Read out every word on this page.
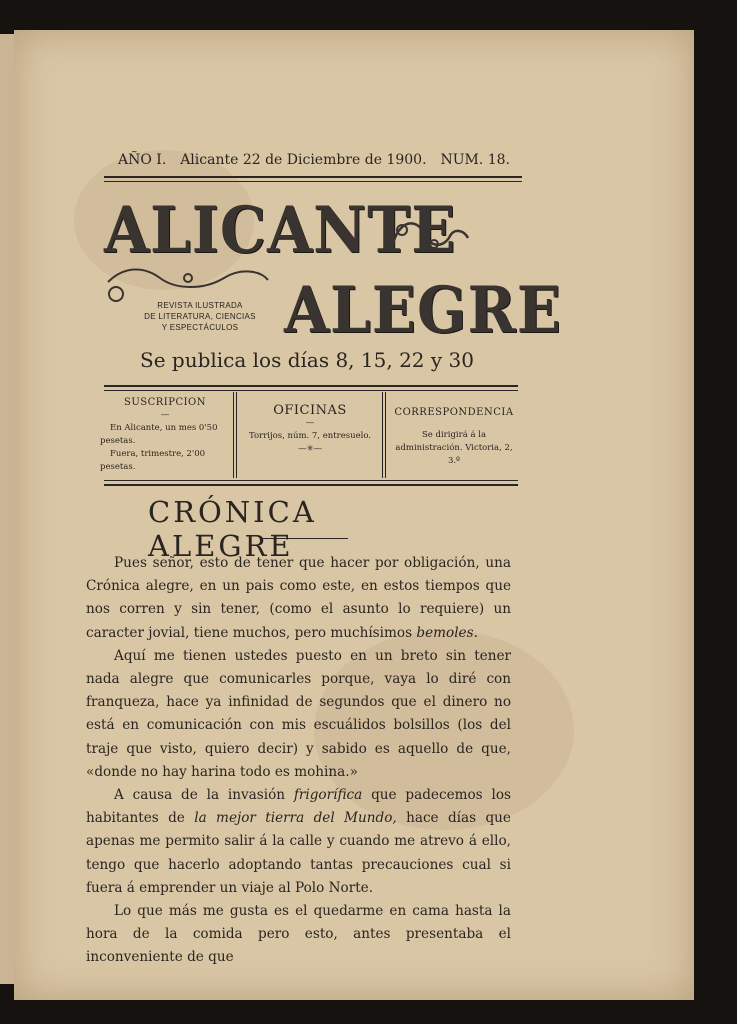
AÑO I. Alicante 22 de Diciembre de 1900. NUM. 18.
ALICANTE
REVISTA ILUSTRADA
DE LITERATURA, CIENCIAS
Y ESPECTÁCULOS ALEGRE
Se publica los días 8, 15, 22 y 30
SUSCRIPCION
—
En Alicante, un mes 0'50 pesetas.
Fuera, trimestre, 2'00 pesetas.
OFICINAS
—
Torrijos, núm. 7, entresuelo.
—✳—
CORRESPONDENCIA
Se dirigirá á la administración. Victoria, 2, 3.º
CRÓNICA ALEGRE

Pues señor, esto de tener que hacer por obligación, una Crónica alegre, en un pais como este, en estos tiempos que nos corren y sin tener, (como el asunto lo requiere) un caracter jovial, tiene muchos, pero muchísimos bemoles.

Aquí me tienen ustedes puesto en un breto sin tener nada alegre que comunicarles porque, vaya lo diré con franqueza, hace ya infinidad de segundos que el dinero no está en comunicación con mis escuálidos bolsillos (los del traje que visto, quiero decir) y sabido es aquello de que, «donde no hay harina todo es mohina.»

A causa de la invasión frigorífica que padecemos los habitantes de la mejor tierra del Mundo, hace días que apenas me permito salir á la calle y cuando me atrevo á ello, tengo que hacerlo adoptando tantas precauciones cual si fuera á emprender un viaje al Polo Norte.

Lo que más me gusta es el quedarme en cama hasta la hora de la comida pero esto, antes presentaba el inconveniente de que
